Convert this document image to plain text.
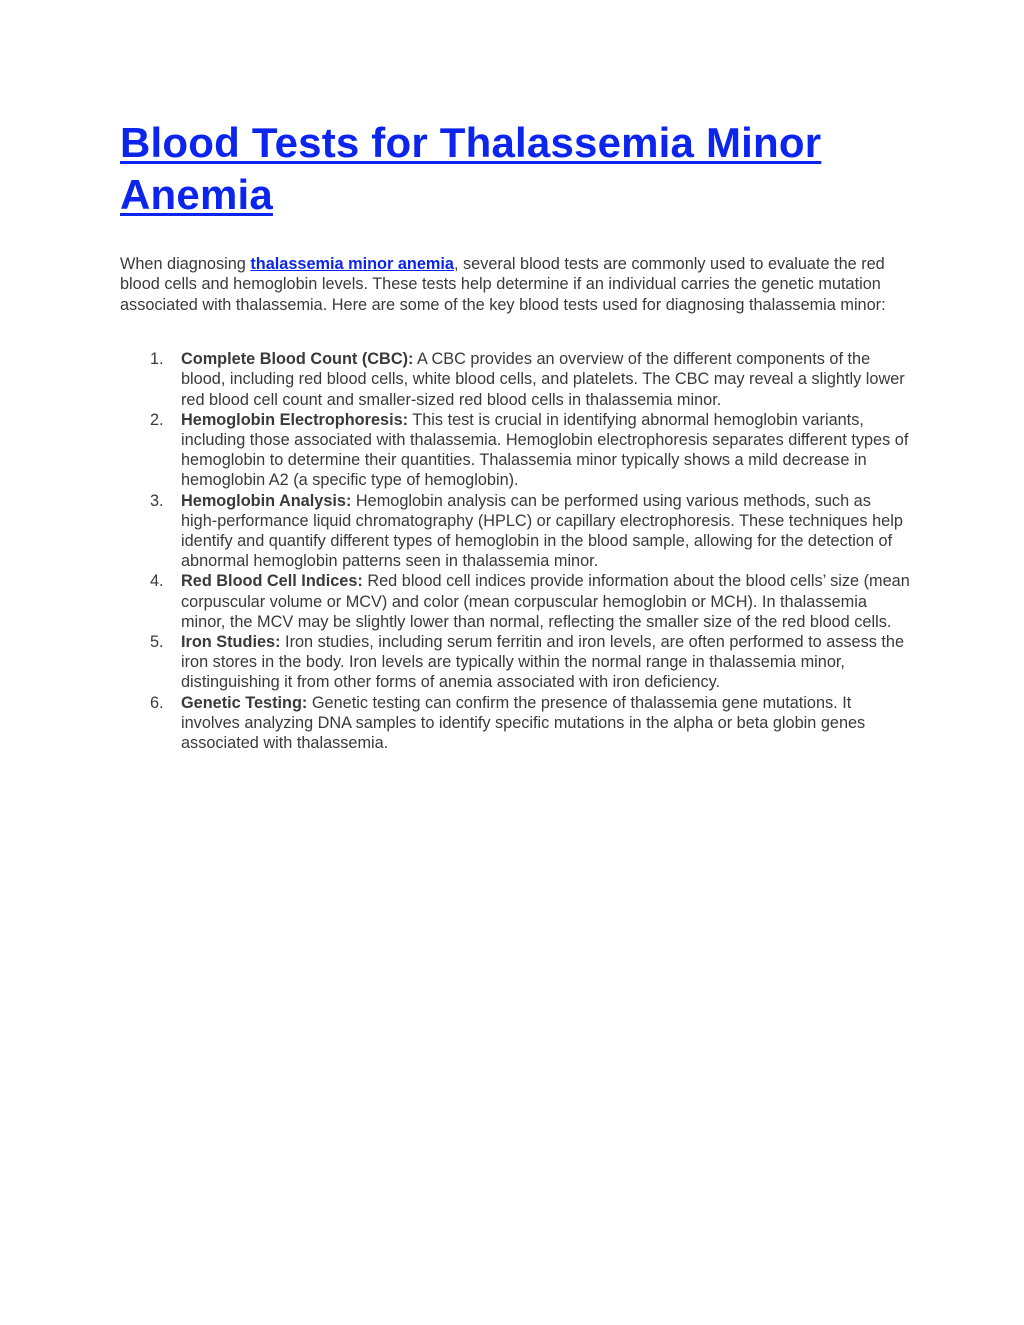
Blood Tests for Thalassemia Minor Anemia

When diagnosing thalassemia minor anemia, several blood tests are commonly used to evaluate the red blood cells and hemoglobin levels. These tests help determine if an individual carries the genetic mutation associated with thalassemia. Here are some of the key blood tests used for diagnosing thalassemia minor:

1. Complete Blood Count (CBC): A CBC provides an overview of the different components of the blood, including red blood cells, white blood cells, and platelets. The CBC may reveal a slightly lower red blood cell count and smaller-sized red blood cells in thalassemia minor.
2. Hemoglobin Electrophoresis: This test is crucial in identifying abnormal hemoglobin variants, including those associated with thalassemia. Hemoglobin electrophoresis separates different types of hemoglobin to determine their quantities. Thalassemia minor typically shows a mild decrease in hemoglobin A2 (a specific type of hemoglobin).
3. Hemoglobin Analysis: Hemoglobin analysis can be performed using various methods, such as high-performance liquid chromatography (HPLC) or capillary electrophoresis. These techniques help identify and quantify different types of hemoglobin in the blood sample, allowing for the detection of abnormal hemoglobin patterns seen in thalassemia minor.
4. Red Blood Cell Indices: Red blood cell indices provide information about the blood cells’ size (mean corpuscular volume or MCV) and color (mean corpuscular hemoglobin or MCH). In thalassemia minor, the MCV may be slightly lower than normal, reflecting the smaller size of the red blood cells.
5. Iron Studies: Iron studies, including serum ferritin and iron levels, are often performed to assess the iron stores in the body. Iron levels are typically within the normal range in thalassemia minor, distinguishing it from other forms of anemia associated with iron deficiency.
6. Genetic Testing: Genetic testing can confirm the presence of thalassemia gene mutations. It involves analyzing DNA samples to identify specific mutations in the alpha or beta globin genes associated with thalassemia.
